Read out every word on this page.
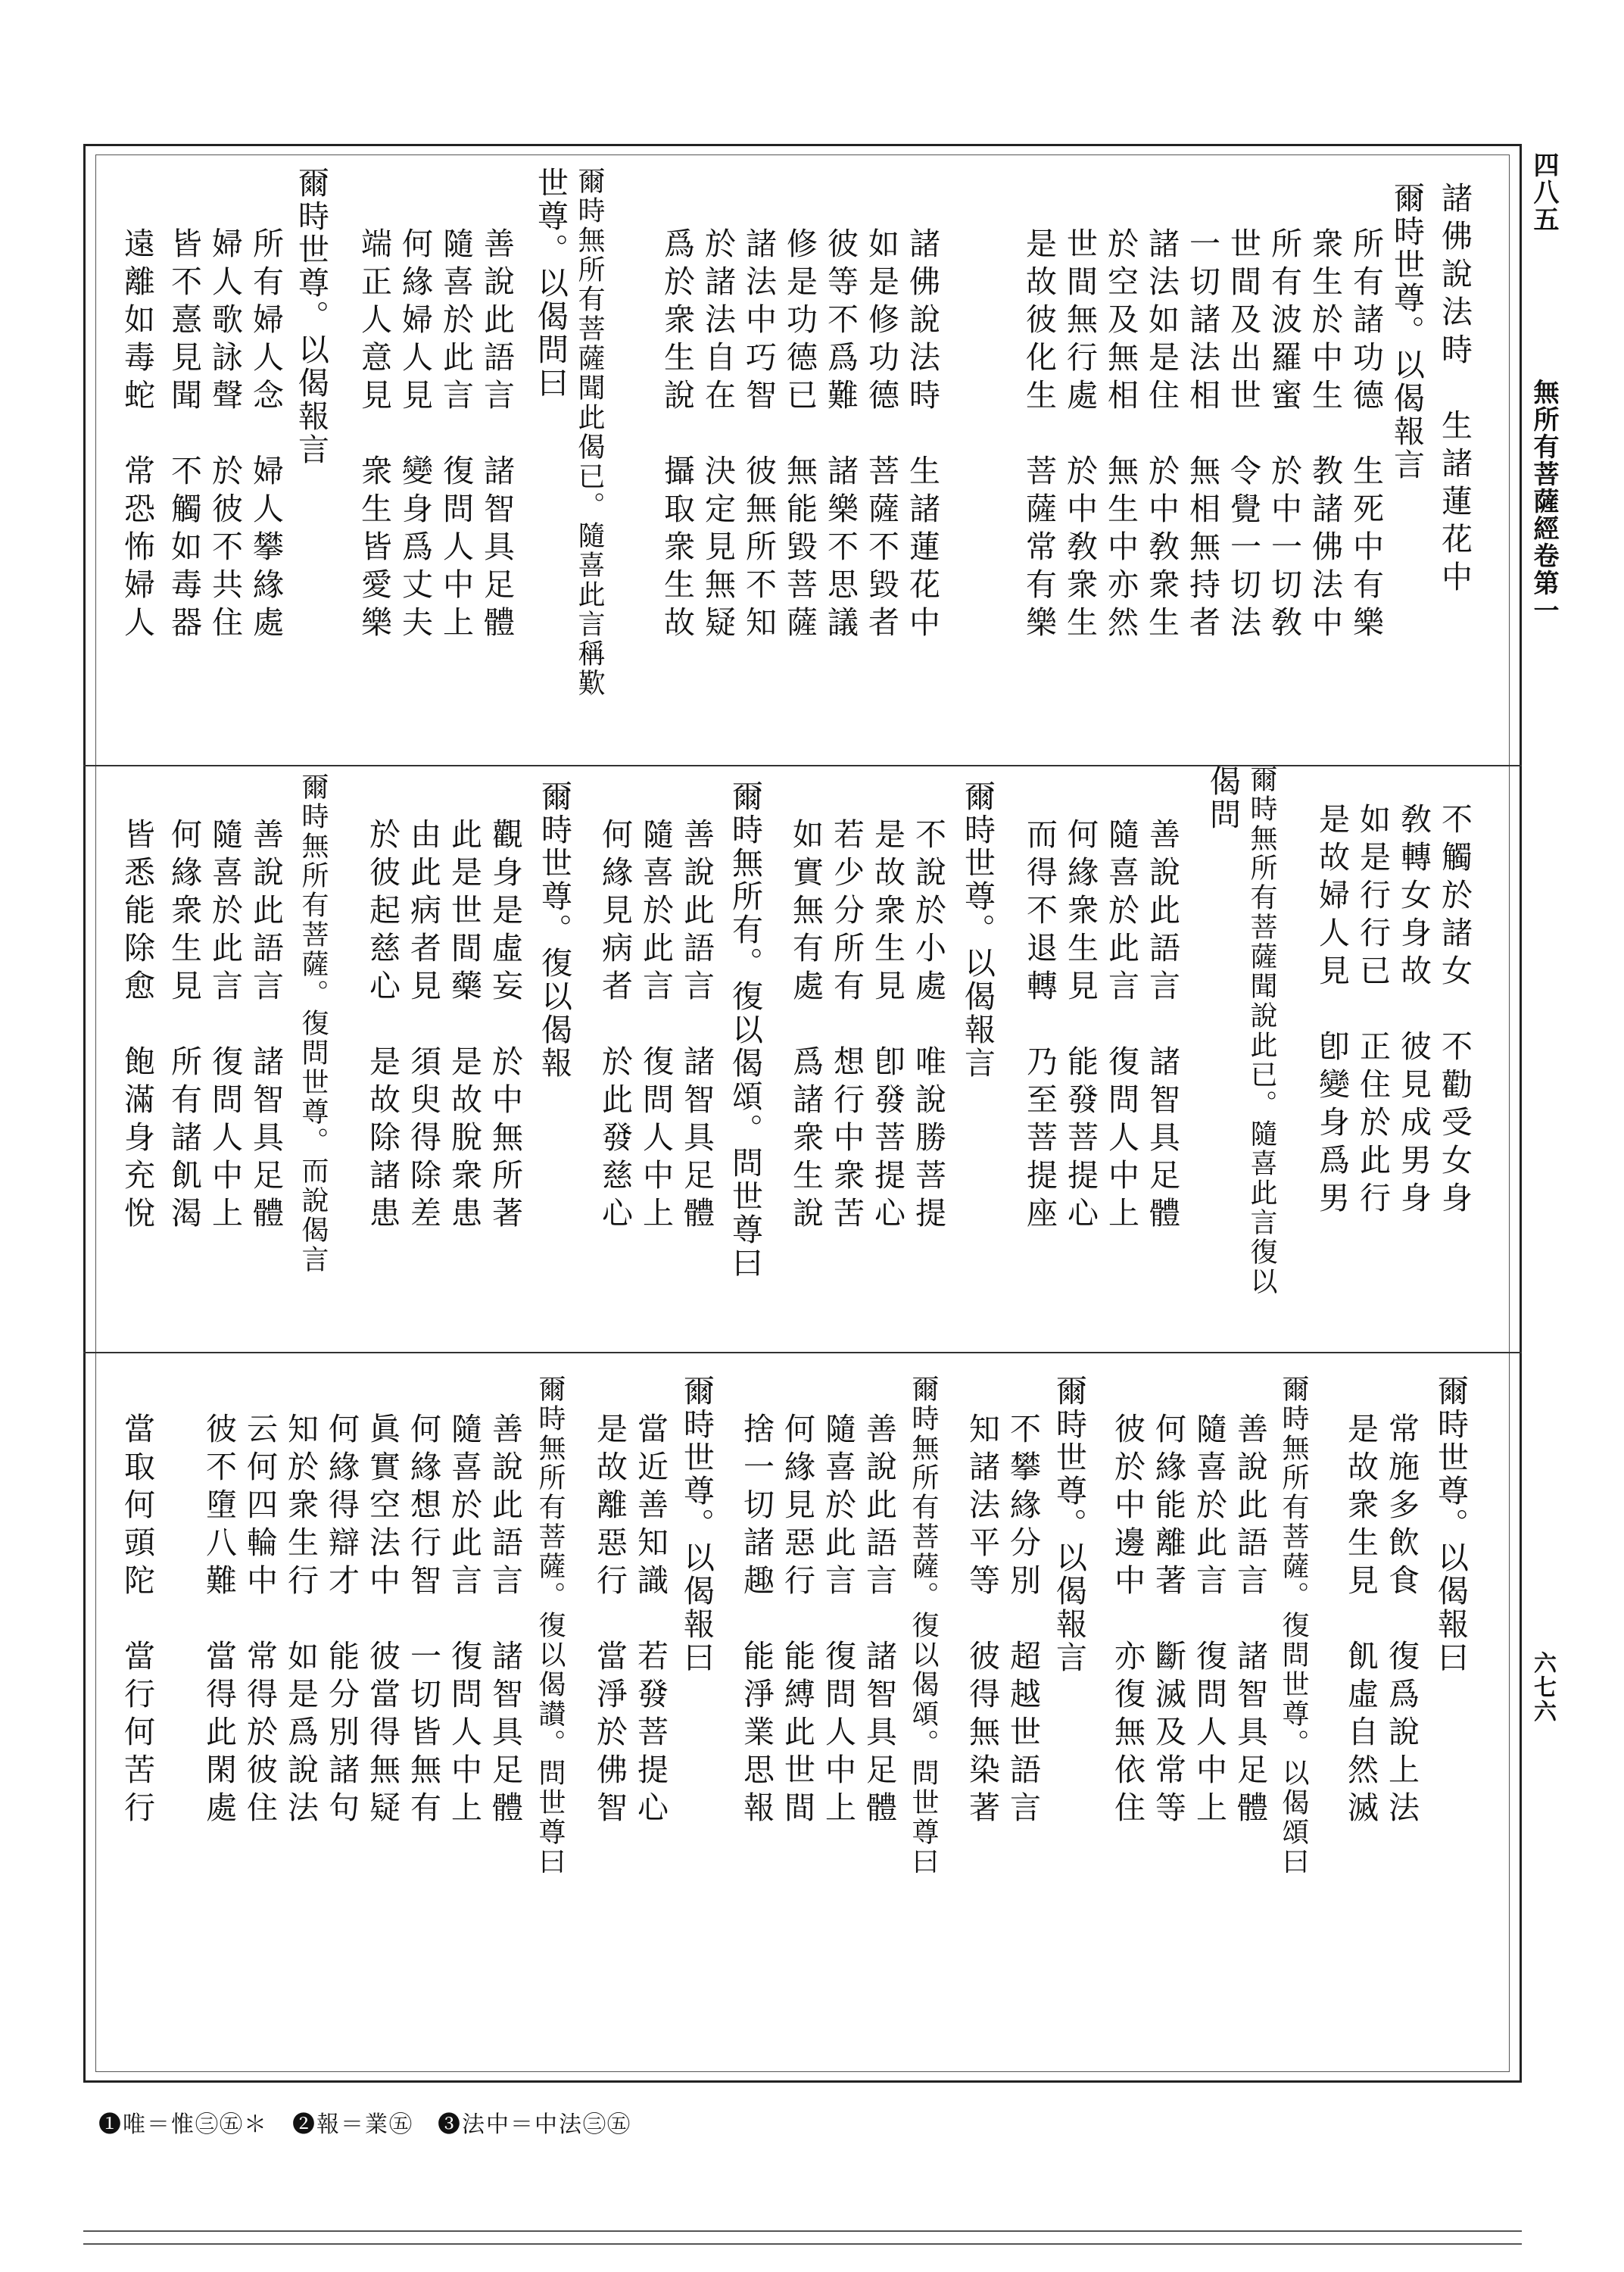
四八五
無所有菩薩經卷第一
六七六
諸佛說法時　生諸蓮花中
爾時世尊。以偈報言
所有諸功德　生死中有樂
衆生於中生　教諸佛法中
所有波羅蜜　於中一切敎
世間及出世　令覺一切法
一切諸法相　無相無持者
諸法如是住　於中敎衆生
於空及無相　無生中亦然
世間無行處　於中敎衆生
是故彼化生　菩薩常有樂
諸佛說法時　生諸蓮花中
如是修功德　菩薩不毀者
彼等不爲難　諸樂不思議
修是功德已　無能毀菩薩
諸法中巧智　彼無所不知
於諸法自在　決定見無疑
爲於衆生說　攝取衆生故
爾時無所有菩薩聞此偈已。隨喜此言稱歎
世尊。以偈問曰
善說此語言　諸智具足體
隨喜於此言　復問人中上
何緣婦人見　變身爲丈夫
端正人意見　衆生皆愛樂
爾時世尊。以偈報言
所有婦人念　婦人攀緣處
婦人歌詠聲　於彼不共住
皆不憙見聞　不觸如毒器
遠離如毒蛇　常恐怖婦人
不觸於諸女　不勸受女身
敎轉女身故　彼見成男身
如是行行已　正住於此行
是故婦人見　卽變身爲男
爾時無所有菩薩聞說此已。隨喜此言復以
偈問
善說此語言　諸智具足體
隨喜於此言　復問人中上
何緣衆生見　能發菩提心
而得不退轉　乃至菩提座
爾時世尊。以偈報言
不說於小處　唯說勝菩提
是故衆生見　卽發菩提心
若少分所有　想行中衆苦
如實無有處　爲諸衆生說
爾時無所有。復以偈頌。問世尊曰
善說此語言　諸智具足體
隨喜於此言　復問人中上
何緣見病者　於此發慈心
爾時世尊。復以偈報
觀身是虛妄　於中無所著
此是世間藥　是故脫衆患
由此病者見　須臾得除差
於彼起慈心　是故除諸患
爾時無所有菩薩。復問世尊。而說偈言
善說此語言　諸智具足體
隨喜於此言　復問人中上
何緣衆生見　所有諸飢渴
皆悉能除愈　飽滿身充悅
爾時世尊。以偈報曰
常施多飲食　復爲說上法
是故衆生見　飢虛自然滅
爾時無所有菩薩。復問世尊。以偈頌曰
善說此語言　諸智具足體
隨喜於此言　復問人中上
何緣能離著　斷滅及常等
彼於中邊中　亦復無依住
爾時世尊。以偈報言
不攀緣分別　超越世語言
知諸法平等　彼得無染著
爾時無所有菩薩。復以偈頌。問世尊曰
善說此語言　諸智具足體
隨喜於此言　復問人中上
何緣見惡行　能縛此世間
捨一切諸趣　能淨業思報
爾時世尊。以偈報曰
當近善知識　若發菩提心
是故離惡行　當淨於佛智
爾時無所有菩薩。復以偈讃。問世尊曰
善說此語言　諸智具足體
隨喜於此言　復問人中上
何緣想行智　一切皆無有
眞實空法中　彼當得無疑
何緣得辯才　能分別諸句
知於衆生行　如是爲說法
云何四輪中　常得於彼住
彼不墮八難　當得此閑處
當取何頭陀　當行何苦行
❶唯＝惟㊂㊄＊　❷報＝業㊄　❸法中＝中法㊂㊄
